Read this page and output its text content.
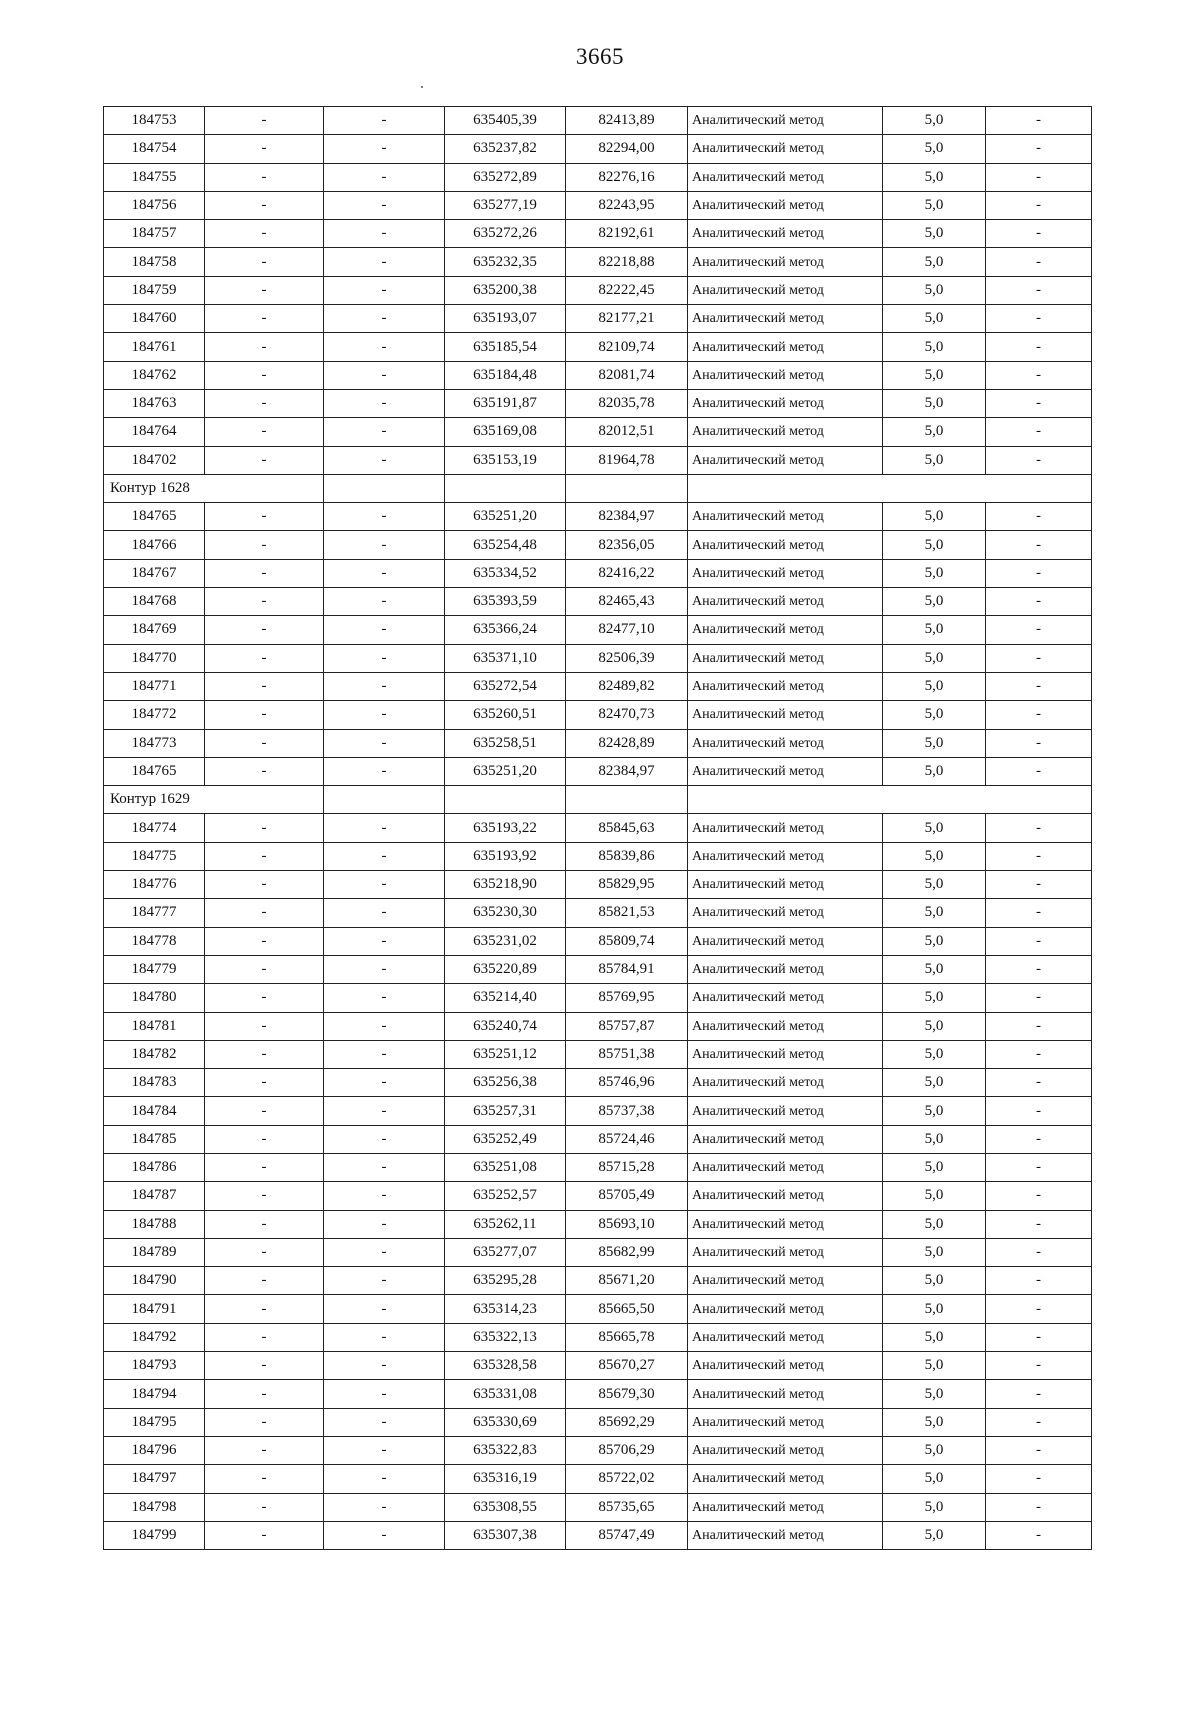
3665
184753	-	-	635405,39	82413,89	Аналитический метод	5,0	-
184754	-	-	635237,82	82294,00	Аналитический метод	5,0	-
184755	-	-	635272,89	82276,16	Аналитический метод	5,0	-
184756	-	-	635277,19	82243,95	Аналитический метод	5,0	-
184757	-	-	635272,26	82192,61	Аналитический метод	5,0	-
184758	-	-	635232,35	82218,88	Аналитический метод	5,0	-
184759	-	-	635200,38	82222,45	Аналитический метод	5,0	-
184760	-	-	635193,07	82177,21	Аналитический метод	5,0	-
184761	-	-	635185,54	82109,74	Аналитический метод	5,0	-
184762	-	-	635184,48	82081,74	Аналитический метод	5,0	-
184763	-	-	635191,87	82035,78	Аналитический метод	5,0	-
184764	-	-	635169,08	82012,51	Аналитический метод	5,0	-
184702	-	-	635153,19	81964,78	Аналитический метод	5,0	-
Контур 1628							
184765	-	-	635251,20	82384,97	Аналитический метод	5,0	-
184766	-	-	635254,48	82356,05	Аналитический метод	5,0	-
184767	-	-	635334,52	82416,22	Аналитический метод	5,0	-
184768	-	-	635393,59	82465,43	Аналитический метод	5,0	-
184769	-	-	635366,24	82477,10	Аналитический метод	5,0	-
184770	-	-	635371,10	82506,39	Аналитический метод	5,0	-
184771	-	-	635272,54	82489,82	Аналитический метод	5,0	-
184772	-	-	635260,51	82470,73	Аналитический метод	5,0	-
184773	-	-	635258,51	82428,89	Аналитический метод	5,0	-
184765	-	-	635251,20	82384,97	Аналитический метод	5,0	-
Контур 1629							
184774	-	-	635193,22	85845,63	Аналитический метод	5,0	-
184775	-	-	635193,92	85839,86	Аналитический метод	5,0	-
184776	-	-	635218,90	85829,95	Аналитический метод	5,0	-
184777	-	-	635230,30	85821,53	Аналитический метод	5,0	-
184778	-	-	635231,02	85809,74	Аналитический метод	5,0	-
184779	-	-	635220,89	85784,91	Аналитический метод	5,0	-
184780	-	-	635214,40	85769,95	Аналитический метод	5,0	-
184781	-	-	635240,74	85757,87	Аналитический метод	5,0	-
184782	-	-	635251,12	85751,38	Аналитический метод	5,0	-
184783	-	-	635256,38	85746,96	Аналитический метод	5,0	-
184784	-	-	635257,31	85737,38	Аналитический метод	5,0	-
184785	-	-	635252,49	85724,46	Аналитический метод	5,0	-
184786	-	-	635251,08	85715,28	Аналитический метод	5,0	-
184787	-	-	635252,57	85705,49	Аналитический метод	5,0	-
184788	-	-	635262,11	85693,10	Аналитический метод	5,0	-
184789	-	-	635277,07	85682,99	Аналитический метод	5,0	-
184790	-	-	635295,28	85671,20	Аналитический метод	5,0	-
184791	-	-	635314,23	85665,50	Аналитический метод	5,0	-
184792	-	-	635322,13	85665,78	Аналитический метод	5,0	-
184793	-	-	635328,58	85670,27	Аналитический метод	5,0	-
184794	-	-	635331,08	85679,30	Аналитический метод	5,0	-
184795	-	-	635330,69	85692,29	Аналитический метод	5,0	-
184796	-	-	635322,83	85706,29	Аналитический метод	5,0	-
184797	-	-	635316,19	85722,02	Аналитический метод	5,0	-
184798	-	-	635308,55	85735,65	Аналитический метод	5,0	-
184799	-	-	635307,38	85747,49	Аналитический метод	5,0	-
